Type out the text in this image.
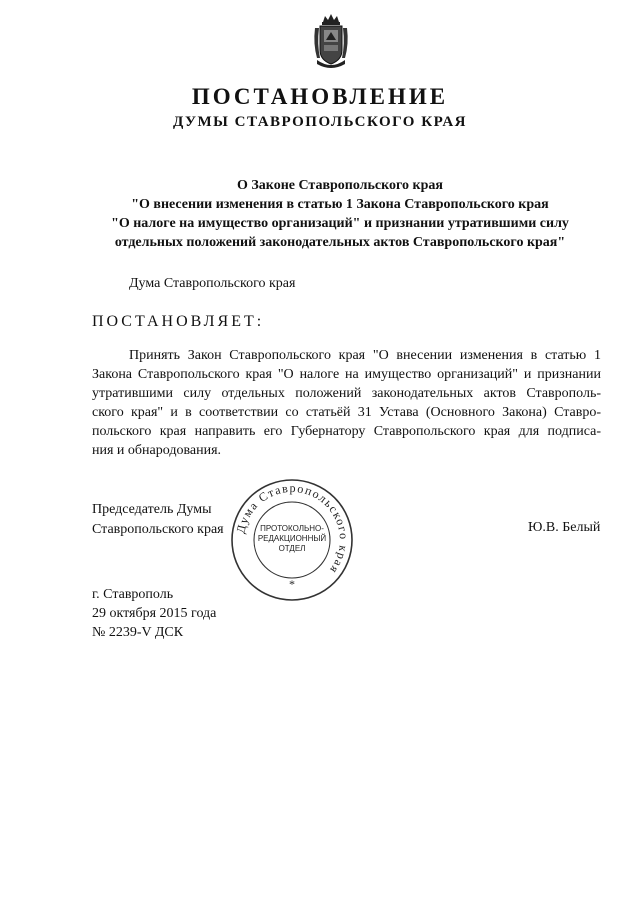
ПОСТАНОВЛЕНИЕ
ДУМЫ СТАВРОПОЛЬСКОГО КРАЯ
О Законе Ставропольского края
"О внесении изменения в статью 1 Закона Ставропольского края
"О налоге на имущество организаций" и признании утратившими силу
отдельных положений законодательных актов Ставропольского края"
Дума Ставропольского края
ПОСТАНОВЛЯЕТ:
Принять Закон Ставропольского края "О внесении изменения в статью 1
Закона Ставропольского края "О налоге на имущество организаций" и признании
утратившими силу отдельных положений законодательных актов Ставрополь-
ского края" и в соответствии со статьёй 31 Устава (Основного Закона) Ставро-
польского края направить его Губернатору Ставропольского края для подписа-
ния и обнародования.
Председатель Думы
Ставропольского края Дума Ставропольского края
ПРОТОКОЛЬНО-
РЕДАКЦИОННЫЙ
ОТДЕЛ
*
Ю.В. Белый
г. Ставрополь
29 октября 2015 года
№ 2239-V ДСК
